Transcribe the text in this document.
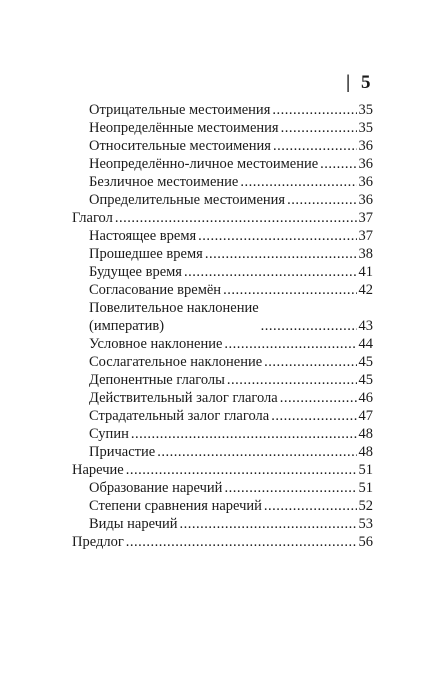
| 5
Отрицательные местоимения .....	35
Неопределённые местоимения .....	35
Относительные местоимения .....	36
Неопределённо-личное местоимение .....	36
Безличное местоимение .....	36
Определительные местоимения .....	36
Глагол .....	37
Настоящее время .....	37
Прошедшее время .....	38
Будущее время .....	41
Согласование времён .....	42
Повелительное наклонение
(императив) .....	43
Условное наклонение .....	44
Сослагательное наклонение .....	45
Депонентные глаголы .....	45
Действительный залог глагола .....	46
Страдательный залог глагола .....	47
Супин .....	48
Причастие .....	48
Наречие .....	51
Образование наречий .....	51
Степени сравнения наречий .....	52
Виды наречий .....	53
Предлог .....	56
